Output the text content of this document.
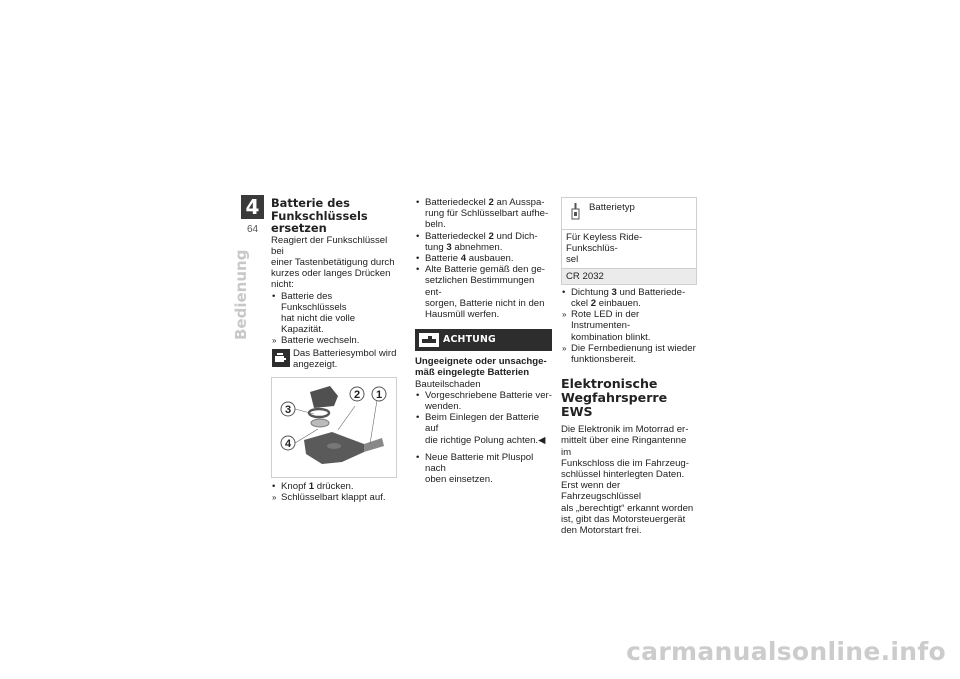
4
64
Bedienung
Batterie des
Funkschlüssels ersetzen

Reagiert der Funkschlüssel bei
einer Tastenbetätigung durch
kurzes oder langes Drücken
nicht:

• Batterie des Funkschlüssels
hat nicht die volle Kapazität.
» Batterie wechseln.
Das Batteriesymbol wird
angezeigt.
3
4
2 1
• Knopf 1 drücken.
» Schlüsselbart klappt auf.
• Batteriedeckel 2 an Ausspa-
rung für Schlüsselbart aufhe-
beln.
• Batteriedeckel 2 und Dich-
tung 3 abnehmen.
• Batterie 4 ausbauen.
• Alte Batterie gemäß den ge-
setzlichen Bestimmungen ent-
sorgen, Batterie nicht in den
Hausmüll werfen.
ACHTUNG

Ungeeignete oder unsachge-
mäß eingelegte Batterien

Bauteilschaden

• Vorgeschriebene Batterie ver-
wenden.
• Beim Einlegen der Batterie auf
die richtige Polung achten.◀
• Neue Batterie mit Pluspol nach
oben einsetzen.
Batterietyp

Für Keyless Ride-Funkschlüs-
sel
CR 2032
• Dichtung 3 und Batteriede-
ckel 2 einbauen.
» Rote LED in der Instrumenten-
kombination blinkt.
» Die Fernbedienung ist wieder
funktionsbereit.
Elektronische
Wegfahrsperre EWS

Die Elektronik im Motorrad er-
mittelt über eine Ringantenne im
Funkschloss die im Fahrzeug-
schlüssel hinterlegten Daten.
Erst wenn der Fahrzeugschlüssel
als „berechtigt“ erkannt worden
ist, gibt das Motorsteuergerät
den Motorstart frei.

carmanualsonline.info
